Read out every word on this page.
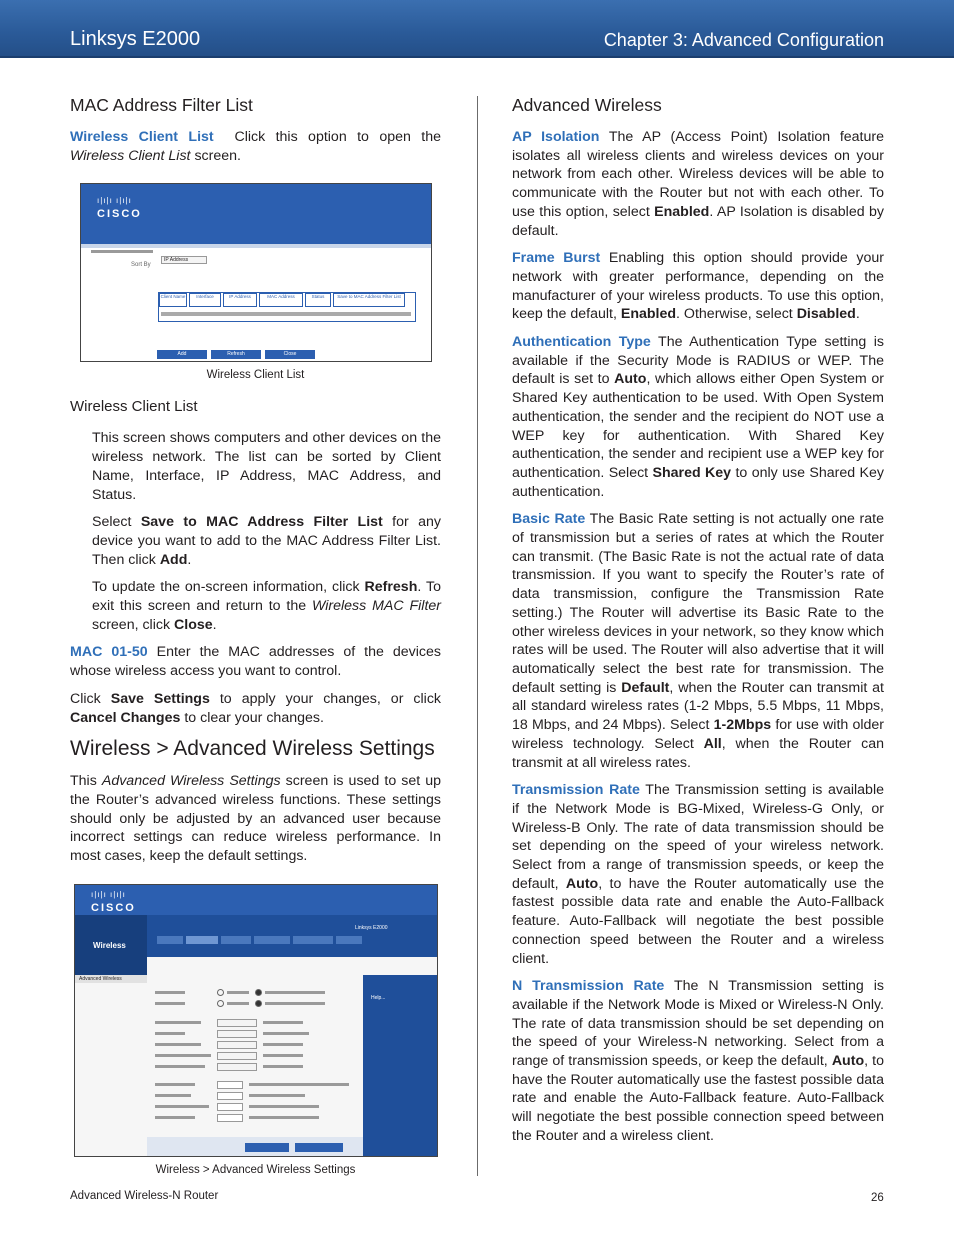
Linksys E2000	Chapter 3: Advanced Configuration
MAC Address Filter List

Wireless Client List Click this option to open the Wireless Client List screen.

ı|ı|ı ı|ı|ı
CISCO
Sort By
IP Address
Client Name	Interface	IP Address	MAC Address	Status	Save to MAC Address Filter List
Add	Refresh	Close
Wireless Client List
Wireless Client List

This screen shows computers and other devices on the wireless network. The list can be sorted by Client Name, Interface, IP Address, MAC Address, and Status.

Select Save to MAC Address Filter List for any device you want to add to the MAC Address Filter List. Then click Add.

To update the on-screen information, click Refresh. To exit this screen and return to the Wireless MAC Filter screen, click Close.

MAC 01-50 Enter the MAC addresses of the devices whose wireless access you want to control.

Click Save Settings to apply your changes, or click Cancel Changes to clear your changes.

Wireless > Advanced Wireless Settings

This Advanced Wireless Settings screen is used to set up the Router’s advanced wireless functions. These settings should only be adjusted by an advanced user because incorrect settings can reduce wireless performance. In most cases, keep the default settings.

ı|ı|ı ı|ı|ı
CISCO
Wireless
Linksys E2000
Advanced Wireless
Help...
Wireless > Advanced Wireless Settings
Advanced Wireless

AP Isolation The AP (Access Point) Isolation feature isolates all wireless clients and wireless devices on your network from each other. Wireless devices will be able to communicate with the Router but not with each other. To use this option, select Enabled. AP Isolation is disabled by default.

Frame Burst Enabling this option should provide your network with greater performance, depending on the manufacturer of your wireless products. To use this option, keep the default, Enabled. Otherwise, select Disabled.

Authentication Type The Authentication Type setting is available if the Security Mode is RADIUS or WEP. The default is set to Auto, which allows either Open System or Shared Key authentication to be used. With Open System authentication, the sender and the recipient do NOT use a WEP key for authentication. With Shared Key authentication, the sender and recipient use a WEP key for authentication. Select Shared Key to only use Shared Key authentication.

Basic Rate The Basic Rate setting is not actually one rate of transmission but a series of rates at which the Router can transmit. (The Basic Rate is not the actual rate of data transmission. If you want to specify the Router’s rate of data transmission, configure the Transmission Rate setting.) The Router will advertise its Basic Rate to the other wireless devices in your network, so they know which rates will be used. The Router will also advertise that it will automatically select the best rate for transmission. The default setting is Default, when the Router can transmit at all standard wireless rates (1-2 Mbps, 5.5 Mbps, 11 Mbps, 18 Mbps, and 24 Mbps). Select 1-2Mbps for use with older wireless technology. Select All, when the Router can transmit at all wireless rates.

Transmission Rate The Transmission setting is available if the Network Mode is BG-Mixed, Wireless-G Only, or Wireless-B Only. The rate of data transmission should be set depending on the speed of your wireless network. Select from a range of transmission speeds, or keep the default, Auto, to have the Router automatically use the fastest possible data rate and enable the Auto-Fallback feature. Auto-Fallback will negotiate the best possible connection speed between the Router and a wireless client.

N Transmission Rate The N Transmission setting is available if the Network Mode is Mixed or Wireless-N Only. The rate of data transmission should be set depending on the speed of your Wireless-N networking. Select from a range of transmission speeds, or keep the default, Auto, to have the Router automatically use the fastest possible data rate and enable the Auto-Fallback feature. Auto-Fallback will negotiate the best possible connection speed between the Router and a wireless client.

Advanced Wireless-N Router	26
